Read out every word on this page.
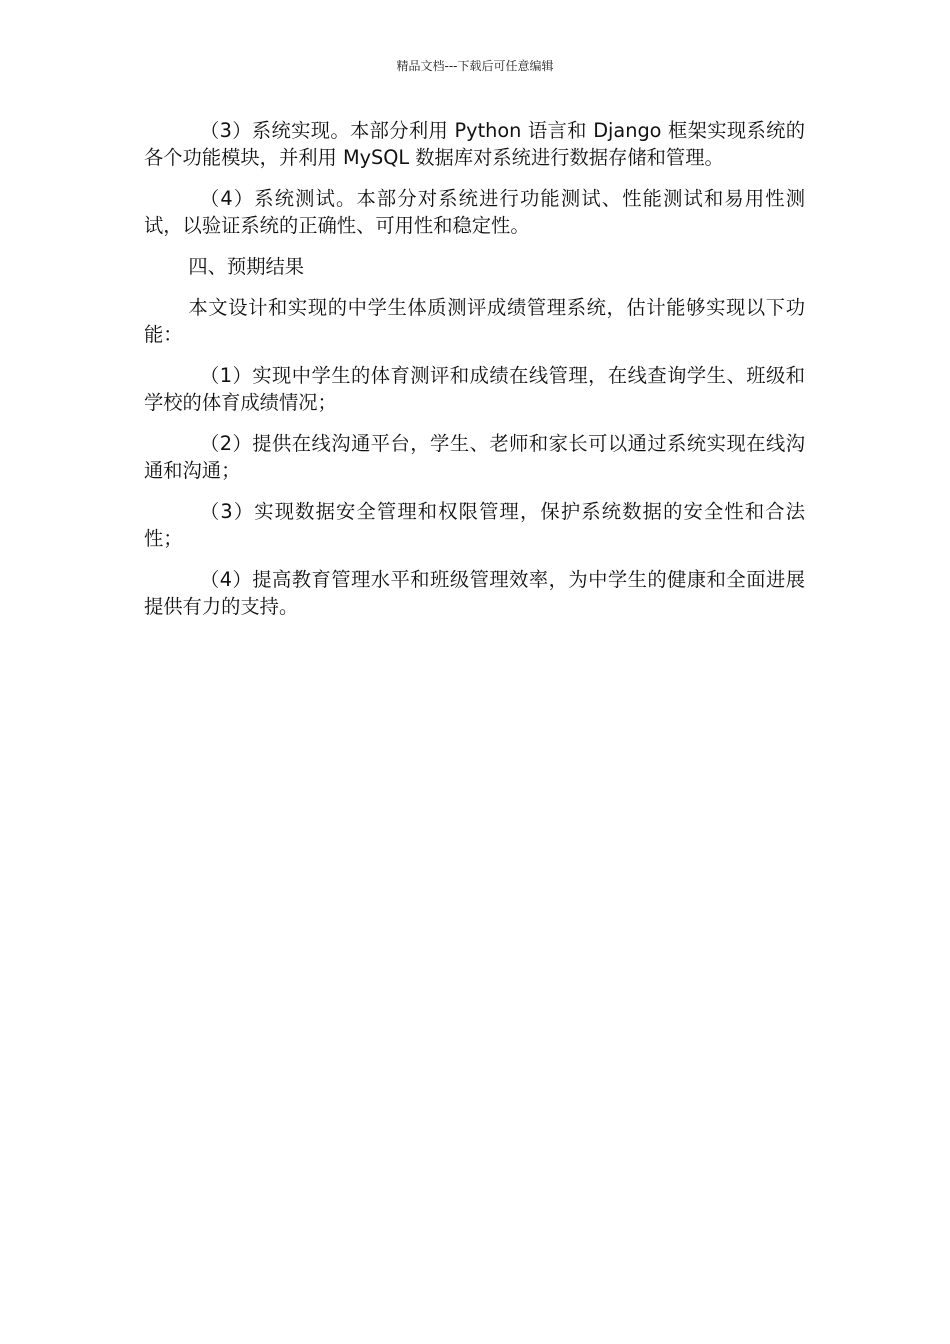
精品文档---下载后可任意编辑

（3）系统实现。本部分利用 Python 语言和 Django 框架实现系统的各个功能模块，并利用 MySQL 数据库对系统进行数据存储和管理。

（4）系统测试。本部分对系统进行功能测试、性能测试和易用性测试，以验证系统的正确性、可用性和稳定性。

四、预期结果

本文设计和实现的中学生体质测评成绩管理系统，估计能够实现以下功能：

（1）实现中学生的体育测评和成绩在线管理，在线查询学生、班级和学校的体育成绩情况；

（2）提供在线沟通平台，学生、老师和家长可以通过系统实现在线沟通和沟通；

（3）实现数据安全管理和权限管理，保护系统数据的安全性和合法性；

（4）提高教育管理水平和班级管理效率，为中学生的健康和全面进展提供有力的支持。
